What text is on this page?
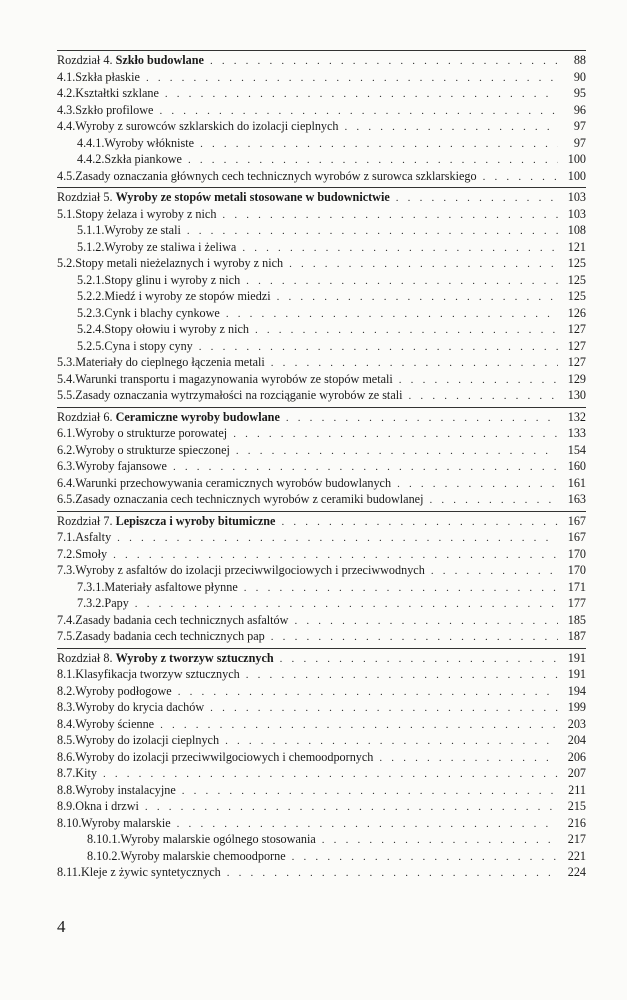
Rozdział 4. Szkło budowlane . . .	88
4.1. Szkła płaskie . . .	90
4.2. Kształtki szklane . . .	95
4.3. Szkło profilowe . . .	96
4.4. Wyroby z surowców szklarskich do izolacji cieplnych . . .	97
4.4.1. Wyroby włókniste . . .	97
4.4.2. Szkła piankowe . . .	100
4.5. Zasady oznaczania głównych cech technicznych wyrobów z surowca szklarskiego . . .	100
Rozdział 5. Wyroby ze stopów metali stosowane w budownictwie . . .	103
5.1. Stopy żelaza i wyroby z nich . . .	103
5.1.1. Wyroby ze stali . . .	108
5.1.2. Wyroby ze staliwa i żeliwa . . .	121
5.2. Stopy metali nieżelaznych i wyroby z nich . . .	125
5.2.1. Stopy glinu i wyroby z nich . . .	125
5.2.2. Miedź i wyroby ze stopów miedzi . . .	125
5.2.3. Cynk i blachy cynkowe . . .	126
5.2.4. Stopy ołowiu i wyroby z nich . . .	127
5.2.5. Cyna i stopy cyny . . .	127
5.3. Materiały do cieplnego łączenia metali . . .	127
5.4. Warunki transportu i magazynowania wyrobów ze stopów metali . . .	129
5.5. Zasady oznaczania wytrzymałości na rozciąganie wyrobów ze stali . . .	130
Rozdział 6. Ceramiczne wyroby budowlane . . .	132
6.1. Wyroby o strukturze porowatej . . .	133
6.2. Wyroby o strukturze spieczonej . . .	154
6.3. Wyroby fajansowe . . .	160
6.4. Warunki przechowywania ceramicznych wyrobów budowlanych . . .	161
6.5. Zasady oznaczania cech technicznych wyrobów z ceramiki budowlanej . . .	163
Rozdział 7. Lepiszcza i wyroby bitumiczne . . .	167
7.1. Asfalty . . .	167
7.2. Smoły . . .	170
7.3. Wyroby z asfaltów do izolacji przeciwwilgociowych i przeciwwodnych . . .	170
7.3.1. Materiały asfaltowe płynne . . .	171
7.3.2. Papy . . .	177
7.4. Zasady badania cech technicznych asfaltów . . .	185
7.5. Zasady badania cech technicznych pap . . .	187
Rozdział 8. Wyroby z tworzyw sztucznych . . .	191
8.1. Klasyfikacja tworzyw sztucznych . . .	191
8.2. Wyroby podłogowe . . .	194
8.3. Wyroby do krycia dachów . . .	199
8.4. Wyroby ścienne . . .	203
8.5. Wyroby do izolacji cieplnych . . .	204
8.6. Wyroby do izolacji przeciwwilgociowych i chemoodpornych . . .	206
8.7. Kity . . .	207
8.8. Wyroby instalacyjne . . .	211
8.9. Okna i drzwi . . .	215
8.10. Wyroby malarskie . . .	216
8.10.1. Wyroby malarskie ogólnego stosowania . . .	217
8.10.2. Wyroby malarskie chemoodporne . . .	221
8.11. Kleje z żywic syntetycznych . . .	224
4
